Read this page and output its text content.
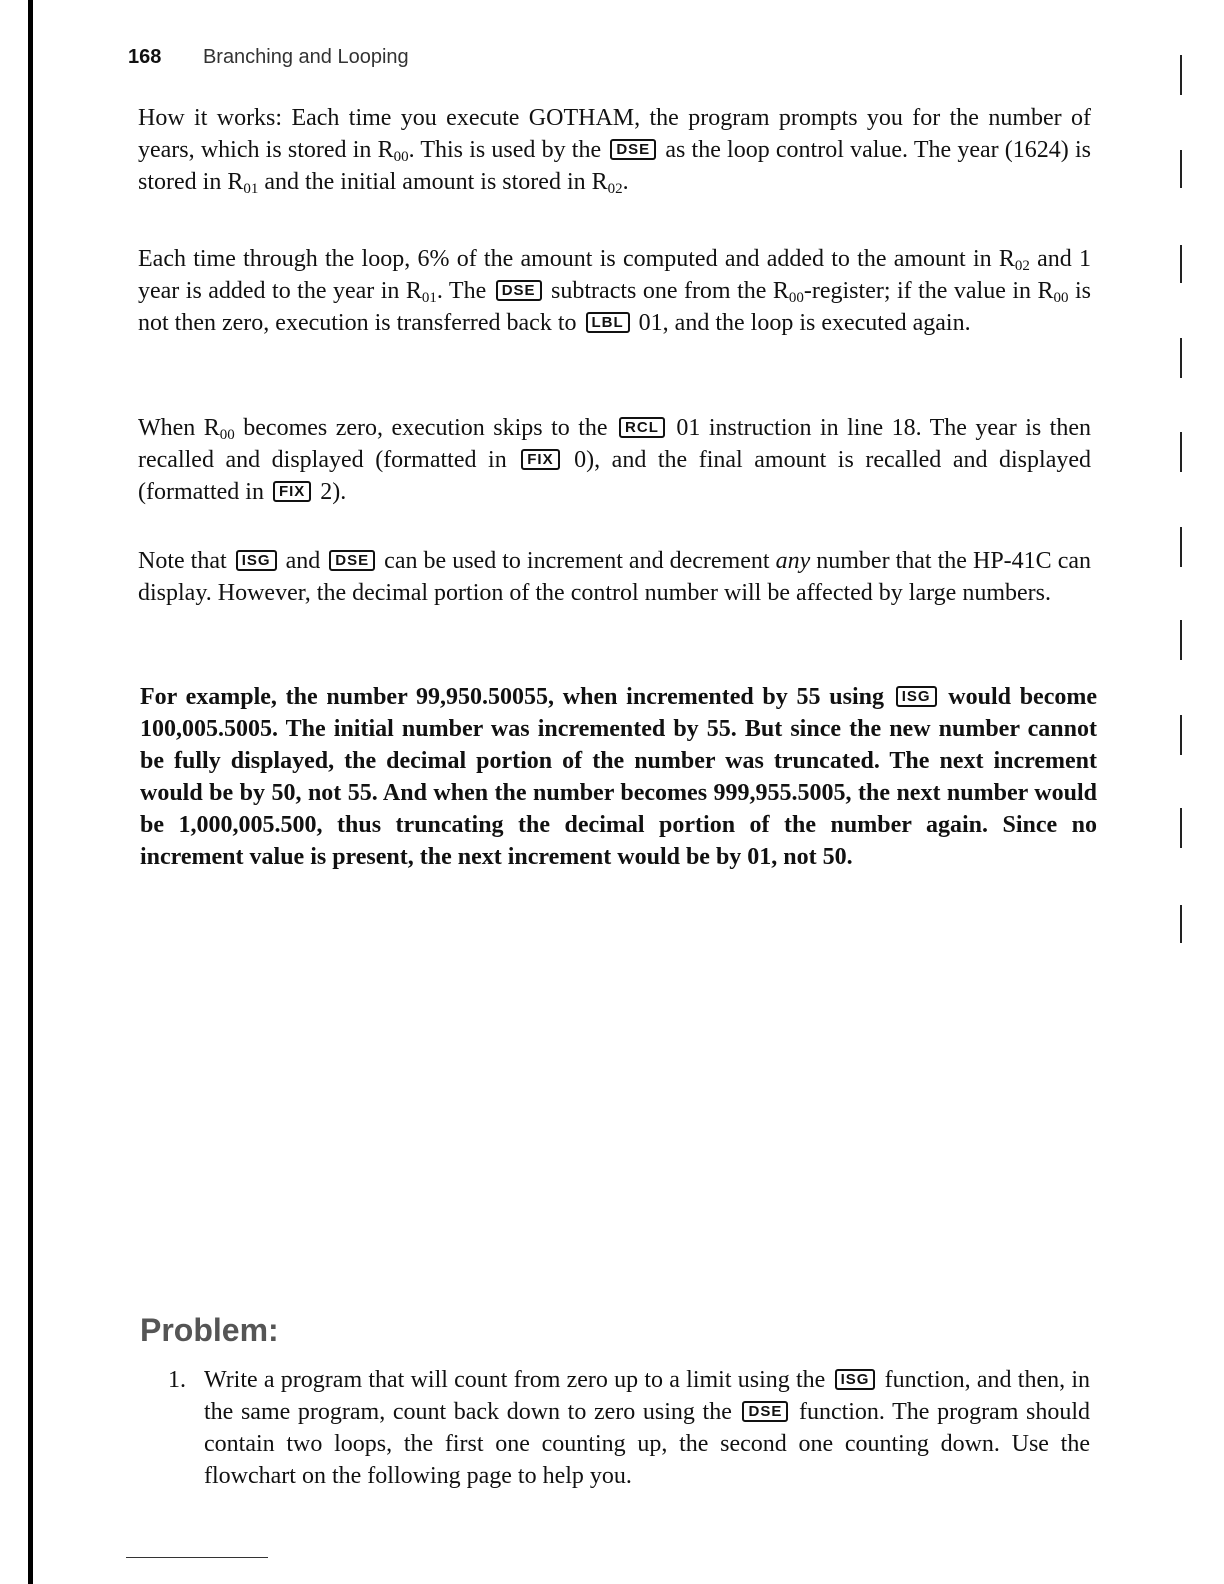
168 Branching and Looping

How it works: Each time you execute GOTHAM, the program prompts you for the number of years, which is stored in $R_{00}$. This is used by the DSE as the loop control value. The year (1624) is stored in $R_{01}$ and the initial amount is stored in $R_{02}$.

Each time through the loop, 6% of the amount is computed and added to the amount in $R_{02}$ and 1 year is added to the year in $R_{01}$. The DSE subtracts one from the $R_{00}$-register; if the value in $R_{00}$ is not then zero, execution is transferred back to LBL 01, and the loop is executed again.

When $R_{00}$ becomes zero, execution skips to the RCL 01 instruction in line 18. The year is then recalled and displayed (formatted in FIX 0), and the final amount is recalled and displayed (formatted in FIX 2).

Note that ISG and DSE can be used to increment and decrement any number that the HP-41C can display. However, the decimal portion of the control number will be affected by large numbers.

For example, the number 99,950.50055, when incremented by 55 using ISG would become 100,005.5005. The initial number was incremented by 55. But since the new number cannot be fully displayed, the decimal portion of the number was truncated. The next increment would be by 50, not 55. And when the number becomes 999,955.5005, the next number would be 1,000,005.500, thus truncating the decimal portion of the number again. Since no increment value is present, the next increment would be by 01, not 50.

Problem:
1. Write a program that will count from zero up to a limit using the ISG function, and then, in the same program, count back down to zero using the DSE function. The program should contain two loops, the first one counting up, the second one counting down. Use the flowchart on the following page to help you.
